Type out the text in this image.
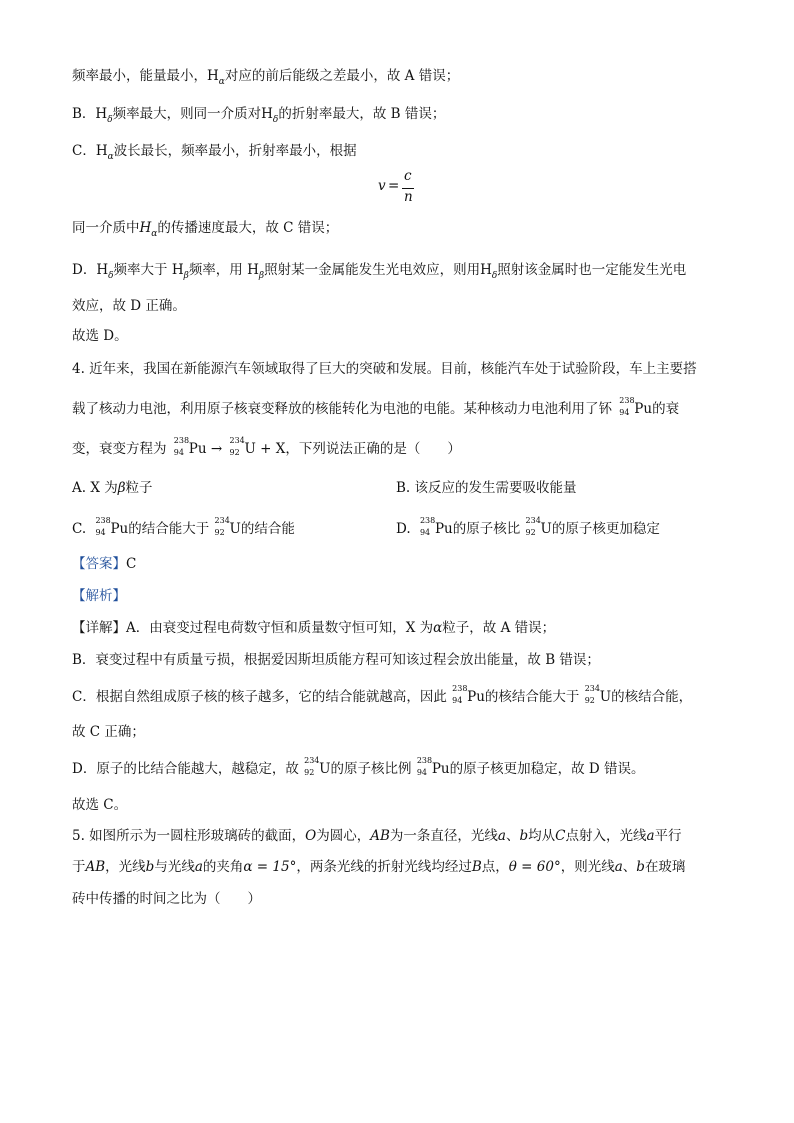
频率最小，能量最小，$H_\alpha$对应的前后能级之差最小，故 A 错误；
B．$H_\delta$频率最大，则同一介质对$H_\delta$的折射率最大，故 B 错误；
C．$H_\alpha$波长最长，频率最小，折射率最小，根据
v =
c
n
同一介质中$H_\alpha$的传播速度最大，故 C 错误；
D．$H_\delta$频率大于 $H_\beta$频率，用 $H_\beta$照射某一金属能发生光电效应，则用$H_\delta$照射该金属时也一定能发生光电
效应，故 D 正确。
故选 D。
4. 近年来，我国在新能源汽车领域取得了巨大的突破和发展。目前，核能汽车处于试验阶段，车上主要搭
载了核动力电池，利用原子核衰变释放的核能转化为电池的电能。某种核动力电池利用了钚
238
94 Pu的衰
变，衰变方程为
238
94 Pu →
234
92 U + X，下列说法正确的是（　　）
A. X 为β粒子	B. 该反应的发生需要吸收能量
C.
238
94 Pu的结合能大于
234
92 U的结合能	D.
238
94 Pu的原子核比
234
92 U的原子核更加稳定
【答案】C
【解析】
【详解】A．由衰变过程电荷数守恒和质量数守恒可知，X 为α粒子，故 A 错误；
B．衰变过程中有质量亏损，根据爱因斯坦质能方程可知该过程会放出能量，故 B 错误；
C．根据自然组成原子核的核子越多，它的结合能就越高，因此
238
94 Pu的核结合能大于
234
92 U的核结合能，
故 C 正确；
D．原子的比结合能越大，越稳定，故
234
92 U的原子核比例
238
94 Pu的原子核更加稳定，故 D 错误。
故选 C。
5. 如图所示为一圆柱形玻璃砖的截面，O为圆心，AB为一条直径，光线a、b均从C点射入，光线a平行
于AB，光线b与光线a的夹角α = 15°，两条光线的折射光线均经过B点，θ = 60°，则光线a、b在玻璃
砖中传播的时间之比为（　　）
